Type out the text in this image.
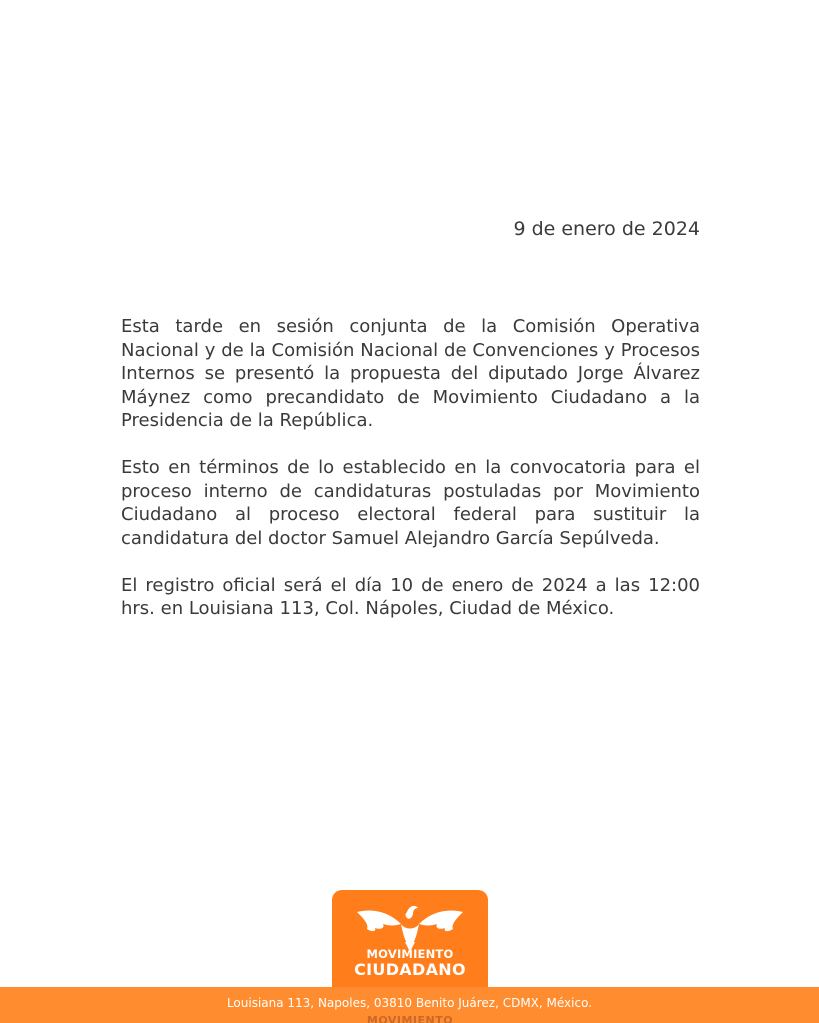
9 de enero de 2024

Esta tarde en sesión conjunta de la Comisión Operativa Nacional y de la Comisión Nacional de Convenciones y Procesos Internos se presentó la propuesta del diputado Jorge Álvarez Máynez como precandidato de Movimiento Ciudadano a la Presidencia de la República.

Esto en términos de lo establecido en la convocatoria para el proceso interno de candidaturas postuladas por Movimiento Ciudadano al proceso electoral federal para sustituir la candidatura del doctor Samuel Alejandro García Sepúlveda.

El registro oficial será el día 10 de enero de 2024 a las 12:00 hrs. en Louisiana 113, Col. Nápoles, Ciudad de México.

MOVIMIENTO
CIUDADANO
Louisiana 113, Napoles, 03810 Benito Juárez, CDMX, México.
MOVIMIENTO
